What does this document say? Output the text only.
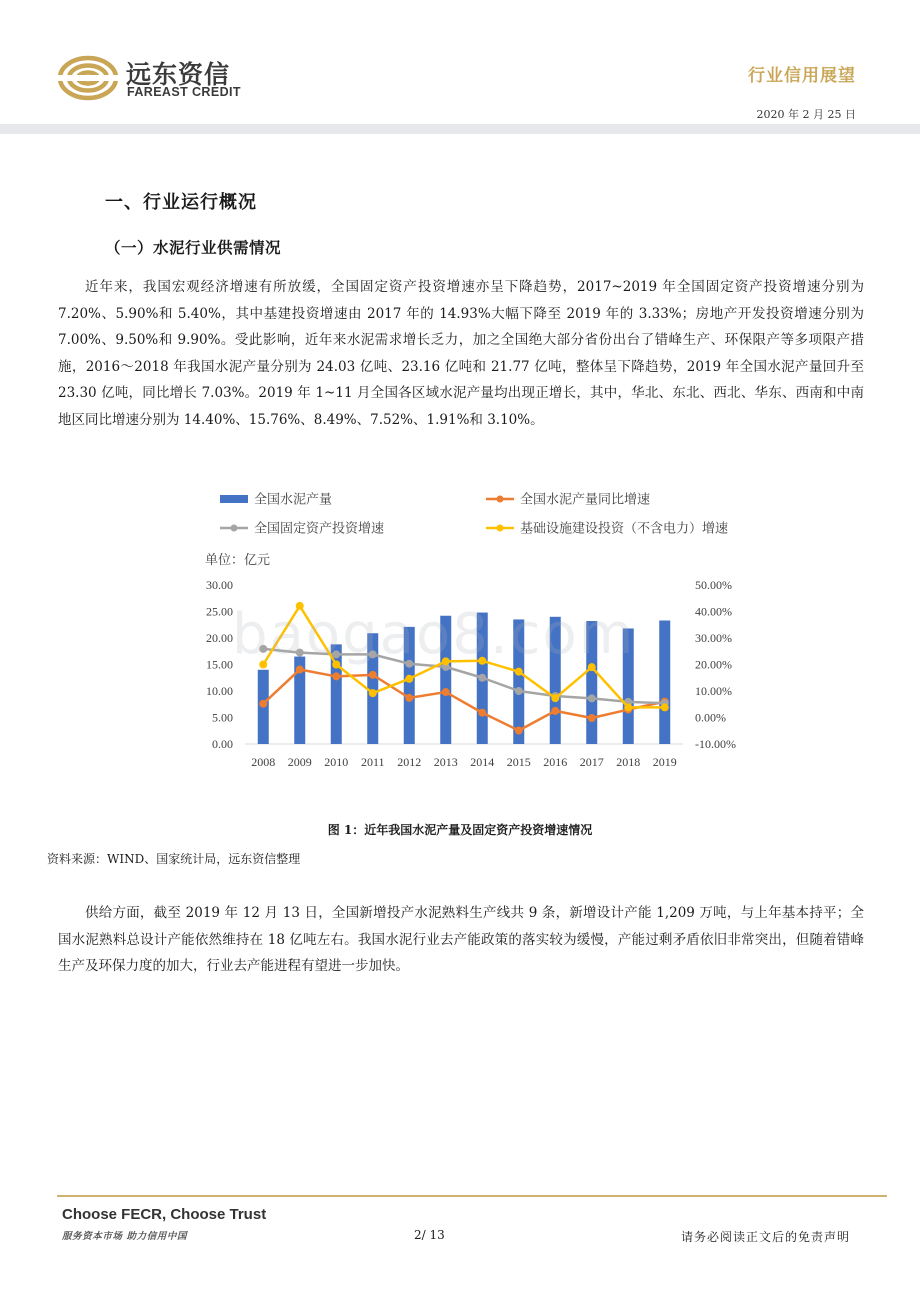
远东资信
FAREAST CREDIT
行业信用展望
2020 年 2 月 25 日
一、行业运行概况
（一）水泥行业供需情况

近年来，我国宏观经济增速有所放缓，全国固定资产投资增速亦呈下降趋势，2017~2019 年全国固定资产投资增速分别为 7.20%、5.90%和 5.40%，其中基建投资增速由 2017 年的 14.93%大幅下降至 2019 年的 3.33%；房地产开发投资增速分别为 7.00%、9.50%和 9.90%。受此影响，近年来水泥需求增长乏力，加之全国绝大部分省份出台了错峰生产、环保限产等多项限产措施，2016～2018 年我国水泥产量分别为 24.03 亿吨、23.16 亿吨和 21.77 亿吨，整体呈下降趋势，2019 年全国水泥产量回升至 23.30 亿吨，同比增长 7.03%。2019 年 1~11 月全国各区域水泥产量均出现正增长，其中，华北、东北、西北、华东、西南和中南地区同比增速分别为 14.40%、15.76%、8.49%、7.52%、1.91%和 3.10%。

全国水泥产量	全国水泥产量同比增速
全国固定资产投资增速	基础设施建设投资（不含电力）增速
单位：亿元
0.00
5.00
10.00
15.00
20.00
25.00
30.00
-10.00%
0.00%
10.00%
20.00%
30.00%
40.00%
50.00%
2008 2009 2010 2011 2012 2013 2014 2015 2016 2017 2018 2019
baogao8.com
图 1：近年我国水泥产量及固定资产投资增速情况
资料来源：WIND、国家统计局，远东资信整理

供给方面，截至 2019 年 12 月 13 日，全国新增投产水泥熟料生产线共 9 条，新增设计产能 1,209 万吨，与上年基本持平；全国水泥熟料总设计产能依然维持在 18 亿吨左右。我国水泥行业去产能政策的落实较为缓慢，产能过剩矛盾依旧非常突出，但随着错峰生产及环保力度的加大，行业去产能进程有望进一步加快。

Choose FECR, Choose Trust
服务资本市场 助力信用中国	2/ 13	请务必阅读正文后的免责声明
